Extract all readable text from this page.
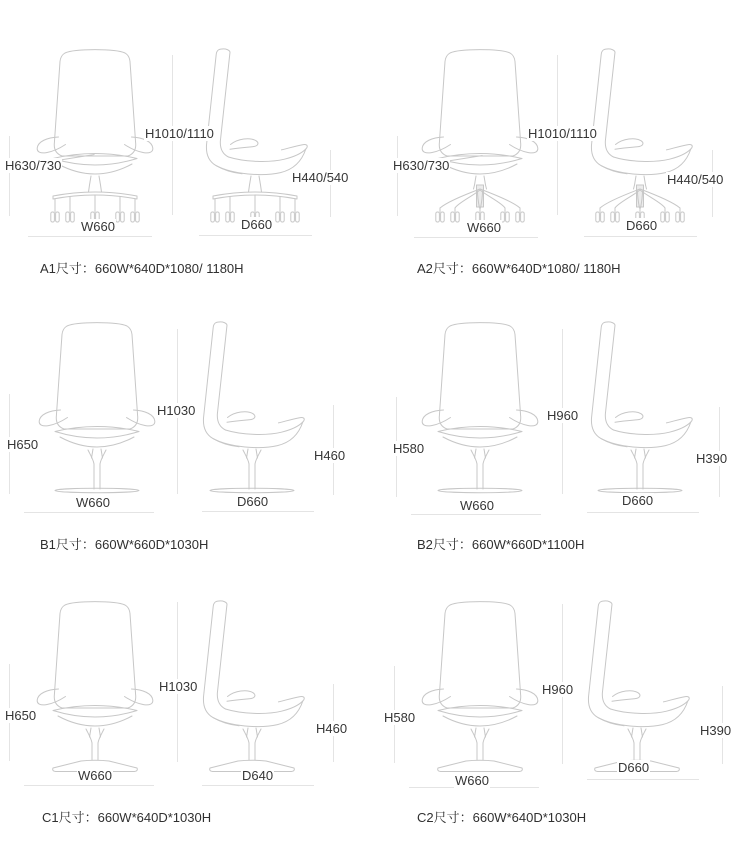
H630/730
H1010/1110
H440/540
W660	D660
A1尺寸：660W*640D*1080/ 1180H
H630/730
H1010/1110
H440/540
W660	D660
A2尺寸：660W*640D*1080/ 1180H
H650
H1030
H460
W660	D660
B1尺寸：660W*660D*1030H
H580
H960
H390
W660	D660
B2尺寸：660W*660D*1100H
H650
H1030
H460
W660	D640
C1尺寸：660W*640D*1030H
H580
H960
H390
W660
D660
C2尺寸：660W*640D*1030H
